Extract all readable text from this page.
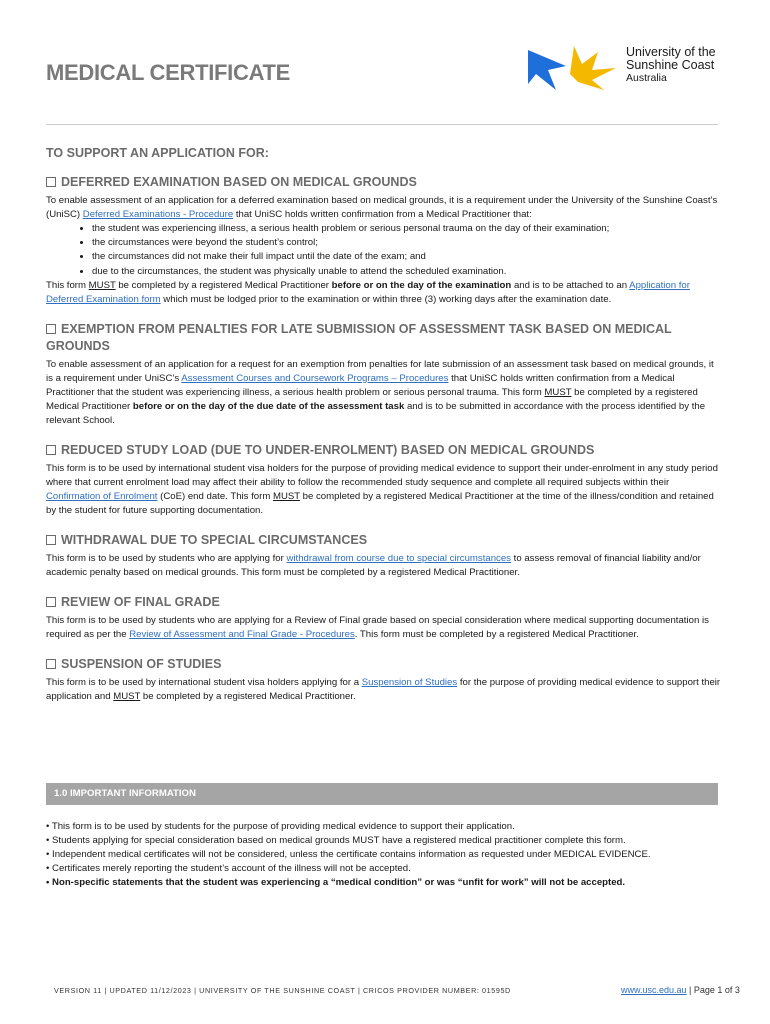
MEDICAL CERTIFICATE
University of the
Sunshine Coast
Australia

TO SUPPORT AN APPLICATION FOR:

DEFERRED EXAMINATION BASED ON MEDICAL GROUNDS

To enable assessment of an application for a deferred examination based on medical grounds, it is a requirement under the University of the Sunshine Coast’s (UniSC) Deferred Examinations - Procedure that UniSC holds written confirmation from a Medical Practitioner that:

• the student was experiencing illness, a serious health problem or serious personal trauma on the day of their examination;
• the circumstances were beyond the student’s control;
• the circumstances did not make their full impact until the date of the exam; and
• due to the circumstances, the student was physically unable to attend the scheduled examination.

This form MUST be completed by a registered Medical Practitioner before or on the day of the examination and is to be attached to an Application for Deferred Examination form which must be lodged prior to the examination or within three (3) working days after the examination date.

EXEMPTION FROM PENALTIES FOR LATE SUBMISSION OF ASSESSMENT TASK BASED ON MEDICAL GROUNDS

To enable assessment of an application for a request for an exemption from penalties for late submission of an assessment task based on medical grounds, it is a requirement under UniSC’s Assessment Courses and Coursework Programs – Procedures that UniSC holds written confirmation from a Medical Practitioner that the student was experiencing illness, a serious health problem or serious personal trauma. This form MUST be completed by a registered Medical Practitioner before or on the day of the due date of the assessment task and is to be submitted in accordance with the process identified by the relevant School.

REDUCED STUDY LOAD (DUE TO UNDER-ENROLMENT) BASED ON MEDICAL GROUNDS

This form is to be used by international student visa holders for the purpose of providing medical evidence to support their under-enrolment in any study period where that current enrolment load may affect their ability to follow the recommended study sequence and complete all required subjects within their Confirmation of Enrolment (CoE) end date. This form MUST be completed by a registered Medical Practitioner at the time of the illness/condition and retained by the student for future supporting documentation.

WITHDRAWAL DUE TO SPECIAL CIRCUMSTANCES

This form is to be used by students who are applying for withdrawal from course due to special circumstances to assess removal of financial liability and/or academic penalty based on medical grounds. This form must be completed by a registered Medical Practitioner.

REVIEW OF FINAL GRADE

This form is to be used by students who are applying for a Review of Final grade based on special consideration where medical supporting documentation is required as per the Review of Assessment and Final Grade - Procedures. This form must be completed by a registered Medical Practitioner.

SUSPENSION OF STUDIES

This form is to be used by international student visa holders applying for a Suspension of Studies for the purpose of providing medical evidence to support their application and MUST be completed by a registered Medical Practitioner.

1.0 IMPORTANT INFORMATION
• This form is to be used by students for the purpose of providing medical evidence to support their application.
• Students applying for special consideration based on medical grounds MUST have a registered medical practitioner complete this form.
• Independent medical certificates will not be considered, unless the certificate contains information as requested under MEDICAL EVIDENCE.
• Certificates merely reporting the student’s account of the illness will not be accepted.
• Non-specific statements that the student was experiencing a “medical condition” or was “unfit for work” will not be accepted.
VERSION 11 | UPDATED 11/12/2023 | UNIVERSITY OF THE SUNSHINE COAST | CRICOS PROVIDER NUMBER: 01595D	www.usc.edu.au | Page 1 of 3
